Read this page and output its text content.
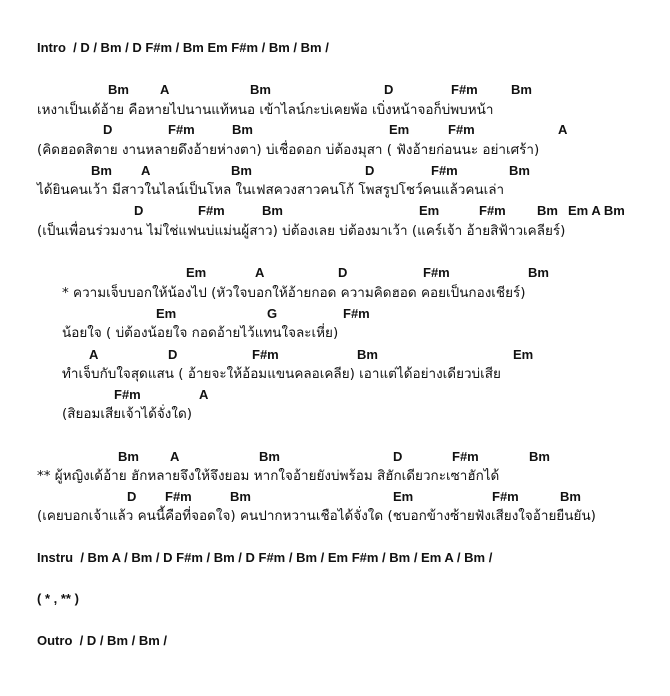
Intro  / D / Bm / D F#m / Bm Em F#m / Bm / Bm /
Bm A	Bm	D	F#m	Bm
เหงาเป็นเด้อ้าย คือหายไปนานแท้หนอ เข้าไลน์กะบ่เคยพ้อ เบิ่งหน้าจอก็บ่พบหน้า
D	F#m	Bm	Em	F#m	A
(คิดฮอดสิตาย งานหลายดึงอ้ายห่างตา) บ่เชื่อดอก บ่ต้องมุสา ( ฟังอ้ายก่อนนะ อย่าเศร้า)
Bm A	Bm	D	F#m	Bm
ได้ยินคนเว้า มีสาวในไลน์เป็นโหล ในเฟสควงสาวคนโก้ โพสรูปโชว์คนแล้วคนเล่า
D	F#m	Bm	Em	F#m Bm Em A Bm
(เป็นเพื่อนร่วมงาน ไม่ใช่แฟนบ่แม่นผู้สาว) บ่ต้องเลย บ่ต้องมาเว้า (แคร์เจ้า อ้ายสิฟ้าวเคลียร์)
Em	A	D	F#m	Bm
* ความเจ็บบอกให้น้องไป (หัวใจบอกให้อ้ายกอด ความคิดฮอด คอยเป็นกองเชียร์)
Em	G	F#m
น้อยใจ ( บ่ต้องน้อยใจ กอดอ้ายไว้แทนใจละเหี่ย)
A	D	F#m	Bm	Em
ทำเจ็บกับใจสุดแสน ( อ้ายจะให้อ้อมแขนคลอเคลีย) เอาแต่ได้อย่างเดียวบ่เสีย
F#m	A
(สิยอมเสียเจ้าได้จั่งใด)
Bm A	Bm	D	F#m	Bm
** ผู้หญิงเด้อ้าย ฮักหลายจึงให้จึงยอม หากใจอ้ายยังบ่พร้อม สิฮักเดียวกะเซาฮักได้
D F#m	Bm	Em	F#m	Bm
(เคยบอกเจ้าแล้ว คนนี้คือที่จอดใจ) คนปากหวานเชือได้จั่งใด (ชบอกข้างซ้ายฟังเสียงใจอ้ายยืนยัน)
Instru  / Bm A / Bm / D F#m / Bm / D F#m / Bm / Em F#m / Bm / Em A / Bm /
( * , ** )
Outro  / D / Bm / Bm /
